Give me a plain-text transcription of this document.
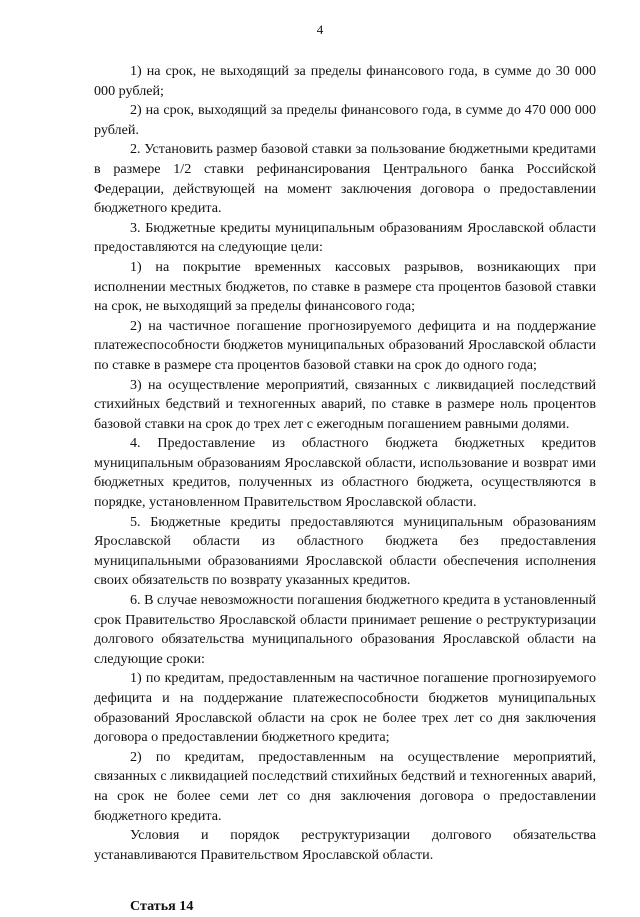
4

1) на срок, не выходящий за пределы финансового года, в сумме до 30 000 000 рублей;

2) на срок, выходящий за пределы финансового года, в сумме до 470 000 000 рублей.

2. Установить размер базовой ставки за пользование бюджетными кредитами в размере 1/2 ставки рефинансирования Центрального банка Российской Федерации, действующей на момент заключения договора о предоставлении бюджетного кредита.

3. Бюджетные кредиты муниципальным образованиям Ярославской области предоставляются на следующие цели:

1) на покрытие временных кассовых разрывов, возникающих при исполнении местных бюджетов, по ставке в размере ста процентов базовой ставки на срок, не выходящий за пределы финансового года;

2) на частичное погашение прогнозируемого дефицита и на поддержание платежеспособности бюджетов муниципальных образований Ярославской области по ставке в размере ста процентов базовой ставки на срок до одного года;

3) на осуществление мероприятий, связанных с ликвидацией последствий стихийных бедствий и техногенных аварий, по ставке в размере ноль процентов базовой ставки на срок до трех лет с ежегодным погашением равными долями.

4. Предоставление из областного бюджета бюджетных кредитов муниципальным образованиям Ярославской области, использование и возврат ими бюджетных кредитов, полученных из областного бюджета, осуществляются в порядке, установленном Правительством Ярославской области.

5. Бюджетные кредиты предоставляются муниципальным образованиям Ярославской области из областного бюджета без предоставления муниципальными образованиями Ярославской области обеспечения исполнения своих обязательств по возврату указанных кредитов.

6. В случае невозможности погашения бюджетного кредита в установленный срок Правительство Ярославской области принимает решение о реструктуризации долгового обязательства муниципального образования Ярославской области на следующие сроки:

1) по кредитам, предоставленным на частичное погашение прогнозируемого дефицита и на поддержание платежеспособности бюджетов муниципальных образований Ярославской области на срок не более трех лет со дня заключения договора о предоставлении бюджетного кредита;

2) по кредитам, предоставленным на осуществление мероприятий, связанных с ликвидацией последствий стихийных бедствий и техногенных аварий, на срок не более семи лет со дня заключения договора о предоставлении бюджетного кредита.

Условия и порядок реструктуризации долгового обязательства устанавливаются Правительством Ярославской области.

Статья 14
